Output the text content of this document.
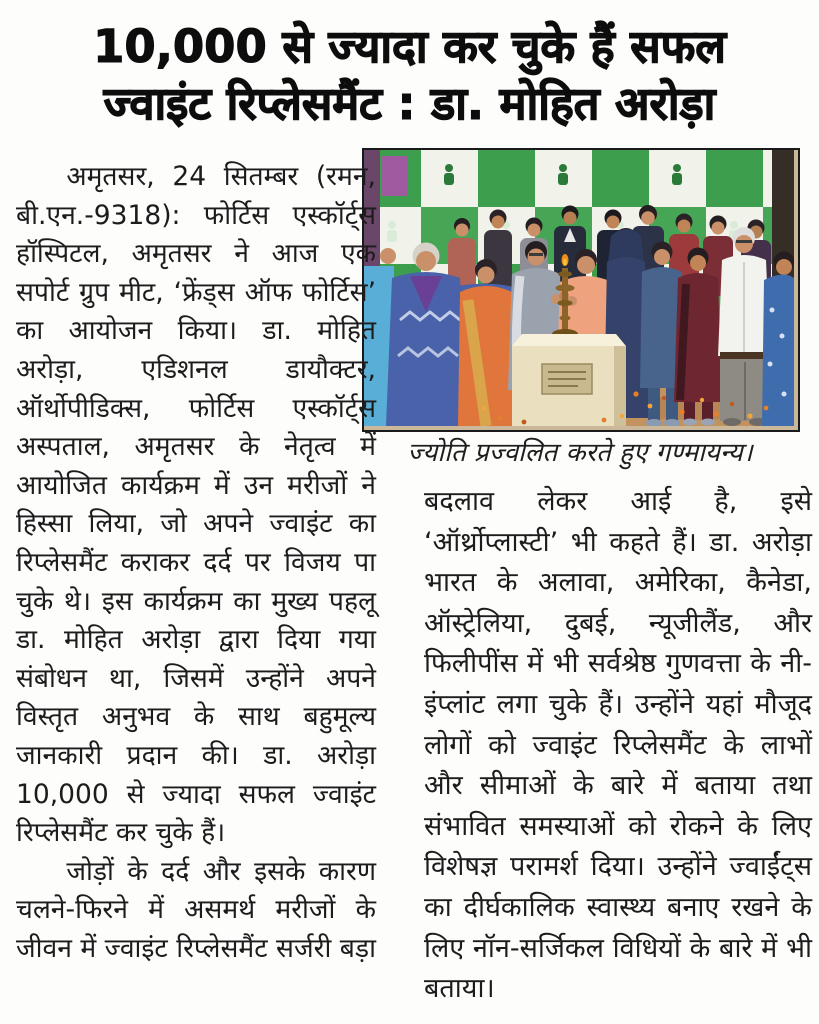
10,000 से ज्यादा कर चुके हैं सफल
ज्वाइंट रिप्लेसमैंट : डा. मोहित अरोड़ा
ज्योति प्रज्वलित करते हुए गण्मायन्य।

अमृतसर, 24 सितम्बर (रमन, बी.एन.-9318): फोर्टिस एस्कॉर्ट्स हॉस्पिटल, अमृतसर ने आज एक सपोर्ट ग्रुप मीट, ‘फ्रेंड्स ऑफ फोर्टिस’ का आयोजन किया। डा. मोहित अरोड़ा, एडिशनल डायौक्टर, ऑर्थोपीडिक्स, फोर्टिस एस्कॉर्ट्स अस्पताल, अमृतसर के नेतृत्व में आयोजित कार्यक्रम में उन मरीजों ने हिस्सा लिया, जो अपने ज्वाइंट का रिप्लेसमैंट कराकर दर्द पर विजय पा चुके थे। इस कार्यक्रम का मुख्य पहलू डा. मोहित अरोड़ा द्वारा दिया गया संबोधन था, जिसमें उन्होंने अपने विस्तृत अनुभव के साथ बहुमूल्य जानकारी प्रदान की। डा. अरोड़ा 10,000 से ज्यादा सफल ज्वाइंट रिप्लेसमैंट कर चुके हैं।

जोड़ों के दर्द और इसके कारण चलने-फिरने में असमर्थ मरीजों के जीवन में ज्वाइंट रिप्लेसमैंट सर्जरी बड़ा

बदलाव लेकर आई है, इसे ‘ऑर्थ्रोप्लास्टी’ भी कहते हैं। डा. अरोड़ा भारत के अलावा, अमेरिका, कैनेडा, ऑस्ट्रेलिया, दुबई, न्यूजीलैंड, और फिलीपींस में भी सर्वश्रेष्ठ गुणवत्ता के नी-इंप्लांट लगा चुके हैं। उन्होंने यहां मौजूद लोगों को ज्वाइंट रिप्लेसमैंट के लाभों और सीमाओं के बारे में बताया तथा संभावित समस्याओं को रोकने के लिए विशेषज्ञ परामर्श दिया। उन्होंने ज्वाईंट्स का दीर्घकालिक स्वास्थ्य बनाए रखने के लिए नॉन-सर्जिकल विधियों के बारे में भी बताया।
